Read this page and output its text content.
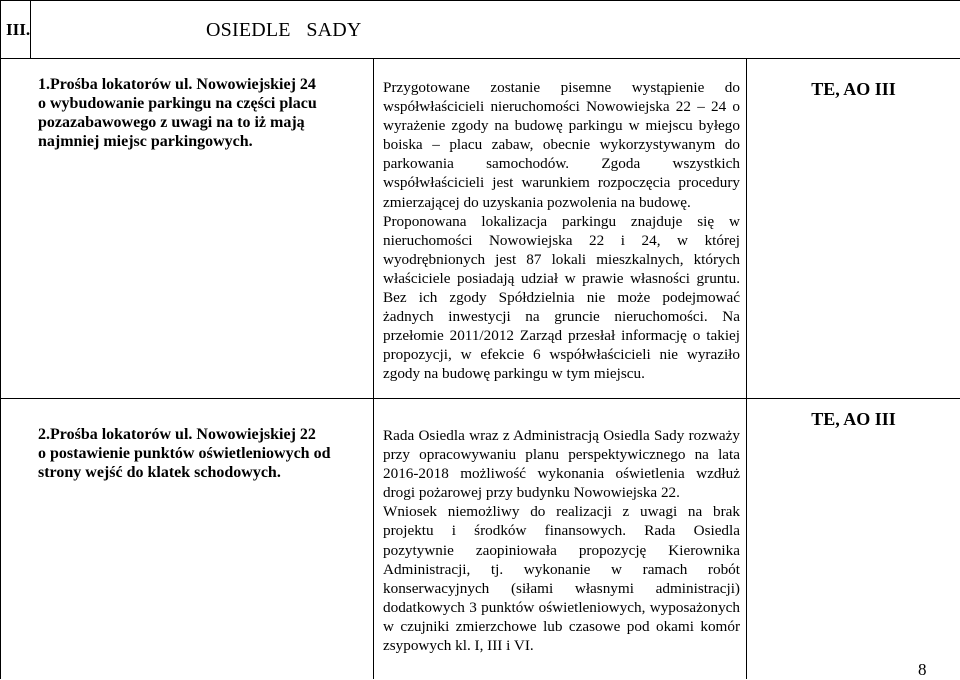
III.	OSIEDLE   SADY
1.Prośba lokatorów ul. Nowowiejskiej 24
o wybudowanie parkingu na części placu
pozazabawowego z uwagi na to iż mają
najmniej miejsc parkingowych.

Przygotowane zostanie pisemne wystąpienie do współwłaścicieli nieruchomości Nowowiejska 22 – 24 o wyrażenie zgody na budowę parkingu w miejscu byłego boiska – placu zabaw, obecnie wykorzystywanym do parkowania samochodów. Zgoda wszystkich współwłaścicieli jest warunkiem rozpoczęcia procedury zmierzającej do uzyskania pozwolenia na budowę.

Proponowana lokalizacja parkingu znajduje się w nieruchomości Nowowiejska 22 i 24, w której wyodrębnionych jest 87 lokali mieszkalnych, których właściciele posiadają udział w prawie własności gruntu. Bez ich zgody Spółdzielnia nie może podejmować żadnych inwestycji na gruncie nieruchomości. Na przełomie 2011/2012 Zarząd przesłał informację o takiej propozycji, w efekcie 6 współwłaścicieli nie wyraziło zgody na budowę parkingu w tym miejscu.

TE, AO III
2.Prośba lokatorów ul. Nowowiejskiej 22
o postawienie punktów oświetleniowych od
strony wejść do klatek schodowych.

Rada Osiedla wraz z Administracją Osiedla Sady rozważy przy opracowywaniu planu perspektywicznego na lata 2016-2018 możliwość wykonania oświetlenia wzdłuż drogi pożarowej przy budynku Nowowiejska 22.

Wniosek niemożliwy do realizacji z uwagi na brak projektu i środków finansowych. Rada Osiedla pozytywnie zaopiniowała propozycję Kierownika Administracji, tj. wykonanie w ramach robót konserwacyjnych (siłami własnymi administracji) dodatkowych 3 punktów oświetleniowych, wyposażonych w czujniki zmierzchowe lub czasowe pod okami komór zsypowych kl. I, III i VI.

TE, AO III
8
